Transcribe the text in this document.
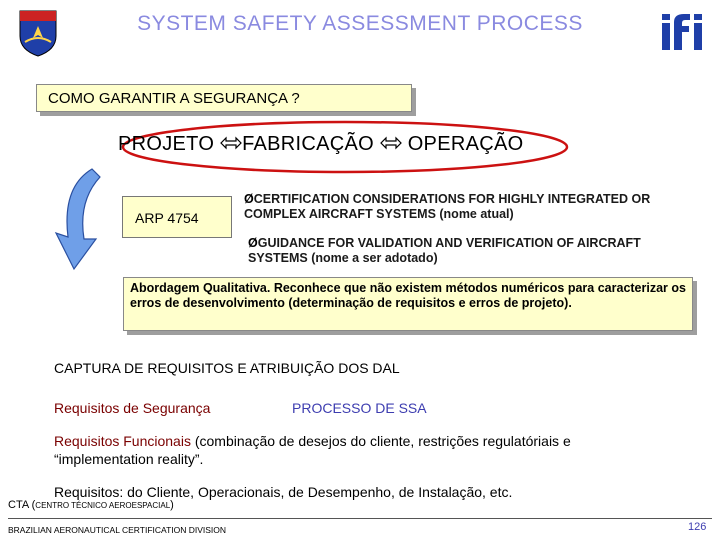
SYSTEM SAFETY ASSESSMENT PROCESS
COMO GARANTIR A SEGURANÇA ?
PROJETO FABRICAÇÃO OPERAÇÃO
ARP 4754
ØCERTIFICATION CONSIDERATIONS FOR HIGHLY INTEGRATED OR COMPLEX AIRCRAFT SYSTEMS (nome atual)
ØGUIDANCE FOR VALIDATION AND VERIFICATION OF AIRCRAFT SYSTEMS (nome a ser adotado)
Abordagem Qualitativa. Reconhece que não existem métodos numéricos para caracterizar os erros de desenvolvimento (determinação de requisitos e erros de projeto).
CAPTURA DE REQUISITOS E ATRIBUIÇÃO DOS DAL
Requisitos de Segurança	PROCESSO DE SSA
Requisitos Funcionais (combinação de desejos do cliente, restrições regulatóriais e “implementation reality”.
Requisitos: do Cliente, Operacionais, de Desempenho, de Instalação, etc.
CTA (CENTRO TÉCNICO AEROESPACIAL)
BRAZILIAN AERONAUTICAL CERTIFICATION DIVISION	126
